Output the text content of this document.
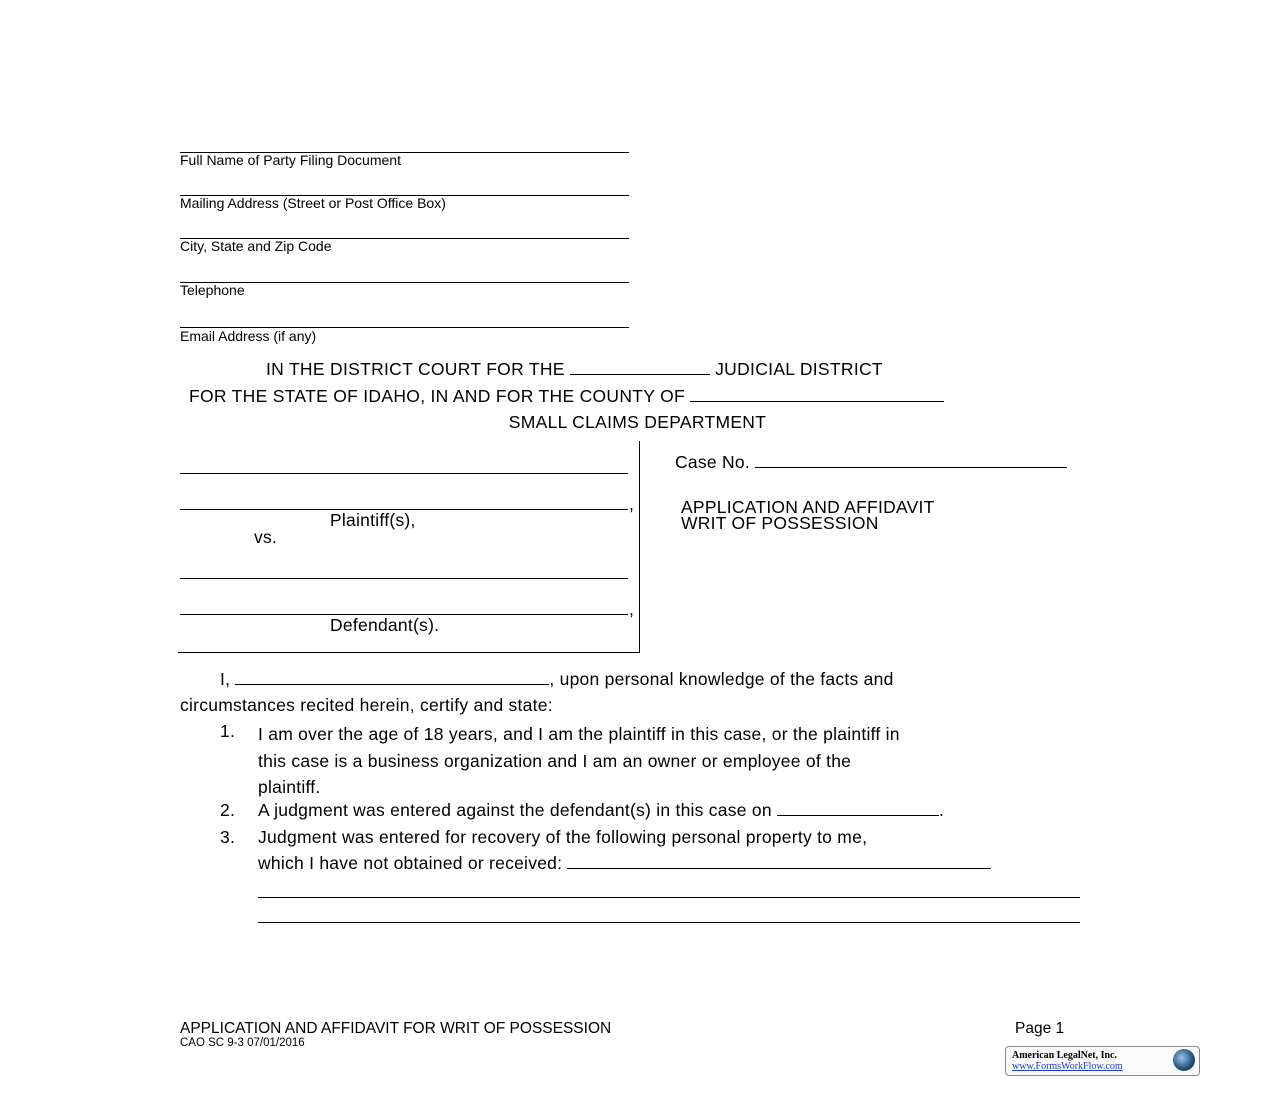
Full Name of Party Filing Document
Mailing Address (Street or Post Office Box)
City, State and Zip Code
Telephone
Email Address (if any)
IN THE DISTRICT COURT FOR THE	JUDICIAL DISTRICT
FOR THE STATE OF IDAHO, IN AND FOR THE COUNTY OF
SMALL CLAIMS DEPARTMENT
,
Plaintiff(s),
vs.
,
Defendant(s).
Case No.
APPLICATION AND AFFIDAVIT
WRIT OF POSSESSION
I,	, upon personal knowledge of the facts and
circumstances recited herein, certify and state:
1. I am over the age of 18 years, and I am the plaintiff in this case, or the plaintiff in
this case is a business organization and I am an owner or employee of the
plaintiff.
2. A judgment was entered against the defendant(s) in this case on	.
3. Judgment was entered for recovery of the following personal property to me,
which I have not obtained or received:
APPLICATION AND AFFIDAVIT FOR WRIT OF POSSESSION
CAO SC 9-3 07/01/2016
Page 1
American LegalNet, Inc.
www.FormsWorkFlow.com
